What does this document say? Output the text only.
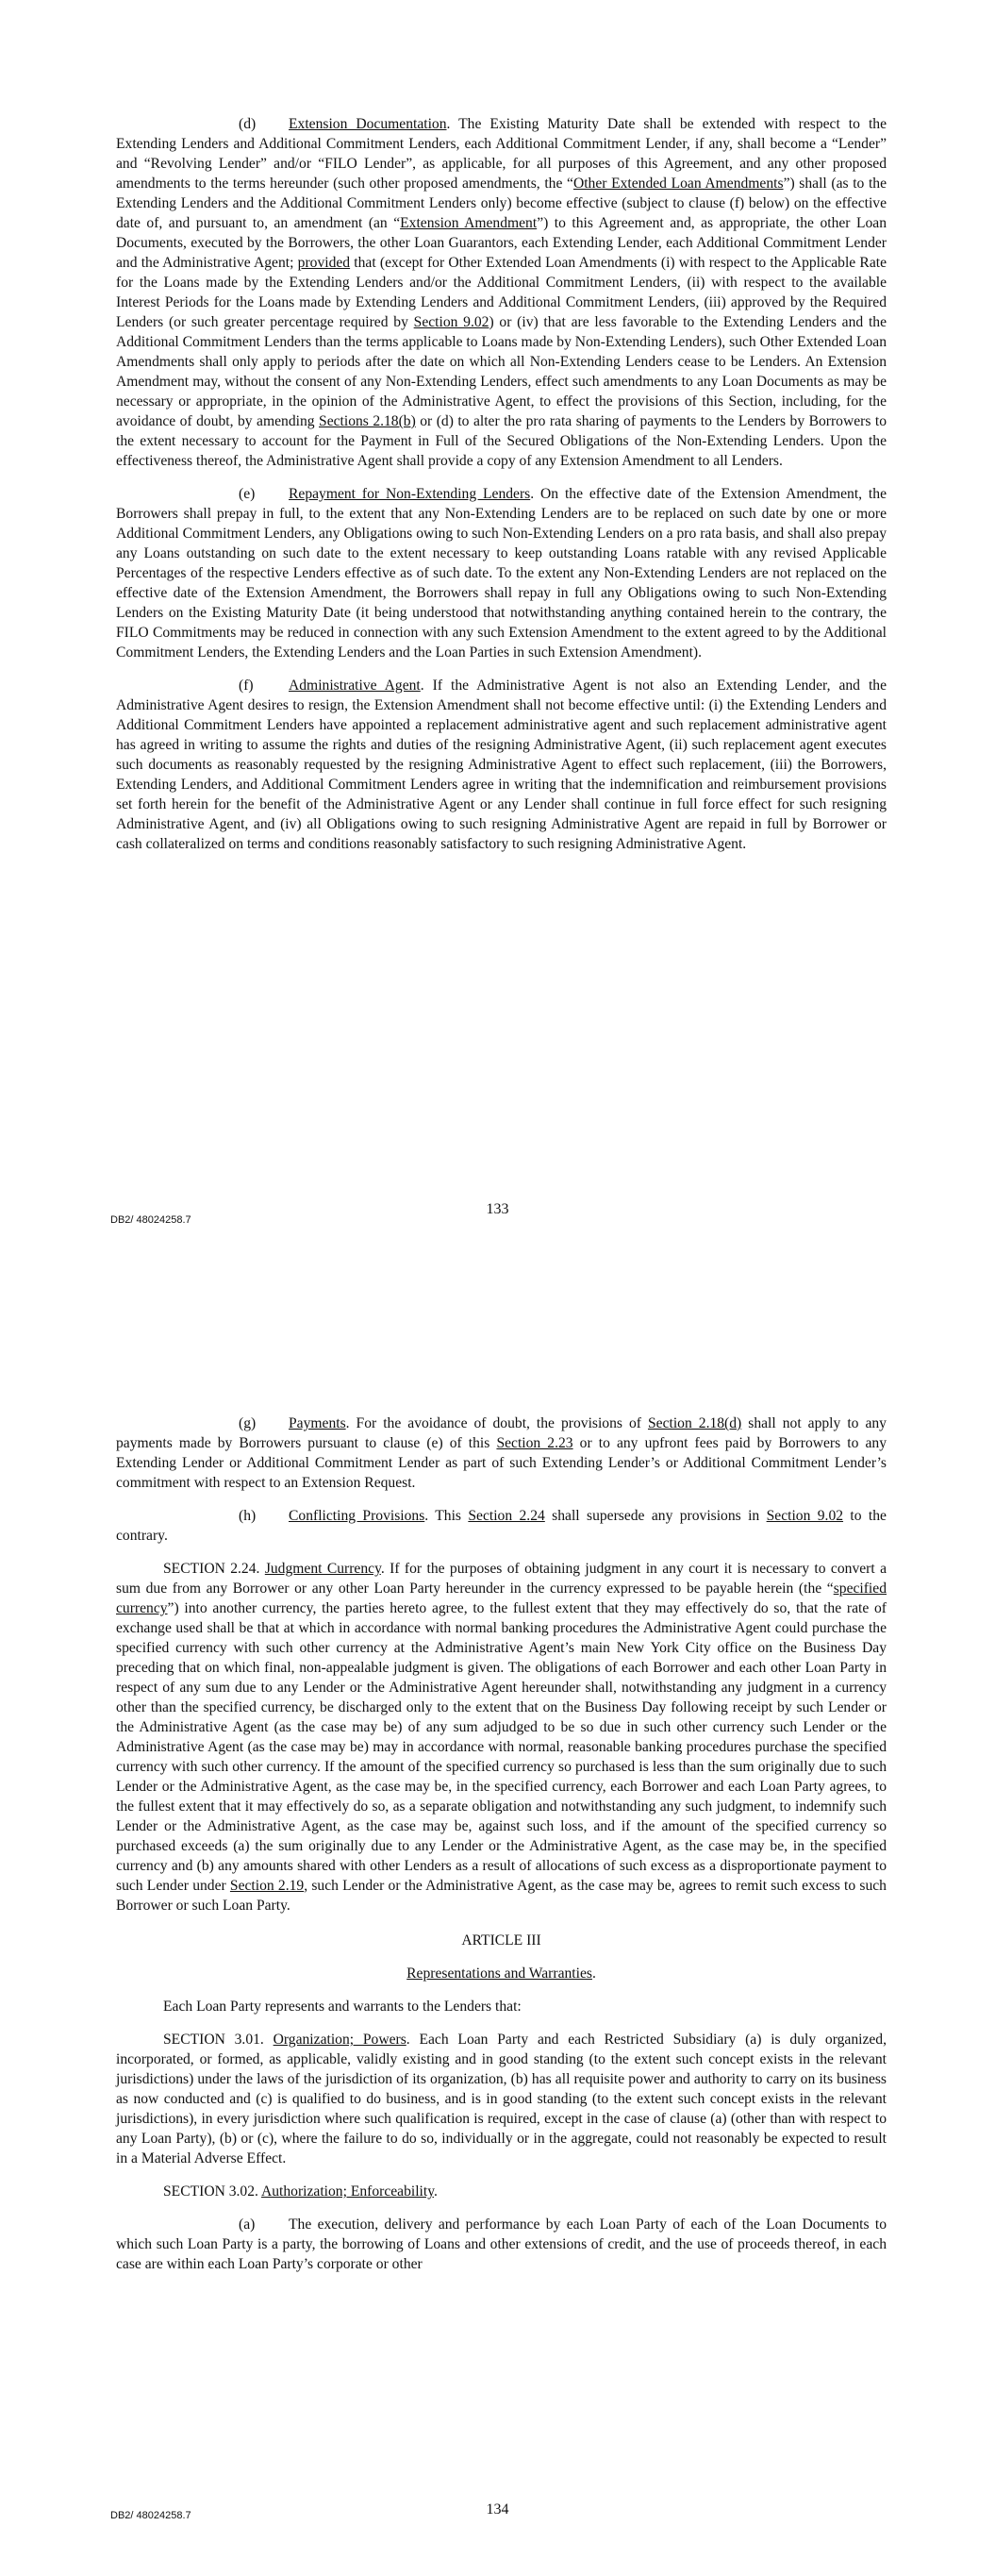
(d) Extension Documentation. The Existing Maturity Date shall be extended with respect to the Extending Lenders and Additional Commitment Lenders, each Additional Commitment Lender, if any, shall become a “Lender” and “Revolving Lender” and/or “FILO Lender”, as applicable, for all purposes of this Agreement, and any other proposed amendments to the terms hereunder (such other proposed amendments, the “Other Extended Loan Amendments”) shall (as to the Extending Lenders and the Additional Commitment Lenders only) become effective (subject to clause (f) below) on the effective date of, and pursuant to, an amendment (an “Extension Amendment”) to this Agreement and, as appropriate, the other Loan Documents, executed by the Borrowers, the other Loan Guarantors, each Extending Lender, each Additional Commitment Lender and the Administrative Agent; provided that (except for Other Extended Loan Amendments (i) with respect to the Applicable Rate for the Loans made by the Extending Lenders and/or the Additional Commitment Lenders, (ii) with respect to the available Interest Periods for the Loans made by Extending Lenders and Additional Commitment Lenders, (iii) approved by the Required Lenders (or such greater percentage required by Section 9.02) or (iv) that are less favorable to the Extending Lenders and the Additional Commitment Lenders than the terms applicable to Loans made by Non-Extending Lenders), such Other Extended Loan Amendments shall only apply to periods after the date on which all Non-Extending Lenders cease to be Lenders. An Extension Amendment may, without the consent of any Non-Extending Lenders, effect such amendments to any Loan Documents as may be necessary or appropriate, in the opinion of the Administrative Agent, to effect the provisions of this Section, including, for the avoidance of doubt, by amending Sections 2.18(b) or (d) to alter the pro rata sharing of payments to the Lenders by Borrowers to the extent necessary to account for the Payment in Full of the Secured Obligations of the Non-Extending Lenders. Upon the effectiveness thereof, the Administrative Agent shall provide a copy of any Extension Amendment to all Lenders.

(e) Repayment for Non-Extending Lenders. On the effective date of the Extension Amendment, the Borrowers shall prepay in full, to the extent that any Non-Extending Lenders are to be replaced on such date by one or more Additional Commitment Lenders, any Obligations owing to such Non-Extending Lenders on a pro rata basis, and shall also prepay any Loans outstanding on such date to the extent necessary to keep outstanding Loans ratable with any revised Applicable Percentages of the respective Lenders effective as of such date. To the extent any Non-Extending Lenders are not replaced on the effective date of the Extension Amendment, the Borrowers shall repay in full any Obligations owing to such Non-Extending Lenders on the Existing Maturity Date (it being understood that notwithstanding anything contained herein to the contrary, the FILO Commitments may be reduced in connection with any such Extension Amendment to the extent agreed to by the Additional Commitment Lenders, the Extending Lenders and the Loan Parties in such Extension Amendment).

(f) Administrative Agent. If the Administrative Agent is not also an Extending Lender, and the Administrative Agent desires to resign, the Extension Amendment shall not become effective until: (i) the Extending Lenders and Additional Commitment Lenders have appointed a replacement administrative agent and such replacement administrative agent has agreed in writing to assume the rights and duties of the resigning Administrative Agent, (ii) such replacement agent executes such documents as reasonably requested by the resigning Administrative Agent to effect such replacement, (iii) the Borrowers, Extending Lenders, and Additional Commitment Lenders agree in writing that the indemnification and reimbursement provisions set forth herein for the benefit of the Administrative Agent or any Lender shall continue in full force effect for such resigning Administrative Agent, and (iv) all Obligations owing to such resigning Administrative Agent are repaid in full by Borrower or cash collateralized on terms and conditions reasonably satisfactory to such resigning Administrative Agent.

133
DB2/ 48024258.7

(g) Payments. For the avoidance of doubt, the provisions of Section 2.18(d) shall not apply to any payments made by Borrowers pursuant to clause (e) of this Section 2.23 or to any upfront fees paid by Borrowers to any Extending Lender or Additional Commitment Lender as part of such Extending Lender’s or Additional Commitment Lender’s commitment with respect to an Extension Request.

(h) Conflicting Provisions. This Section 2.24 shall supersede any provisions in Section 9.02 to the contrary.

SECTION 2.24. Judgment Currency. If for the purposes of obtaining judgment in any court it is necessary to convert a sum due from any Borrower or any other Loan Party hereunder in the currency expressed to be payable herein (the “specified currency”) into another currency, the parties hereto agree, to the fullest extent that they may effectively do so, that the rate of exchange used shall be that at which in accordance with normal banking procedures the Administrative Agent could purchase the specified currency with such other currency at the Administrative Agent’s main New York City office on the Business Day preceding that on which final, non-appealable judgment is given. The obligations of each Borrower and each other Loan Party in respect of any sum due to any Lender or the Administrative Agent hereunder shall, notwithstanding any judgment in a currency other than the specified currency, be discharged only to the extent that on the Business Day following receipt by such Lender or the Administrative Agent (as the case may be) of any sum adjudged to be so due in such other currency such Lender or the Administrative Agent (as the case may be) may in accordance with normal, reasonable banking procedures purchase the specified currency with such other currency. If the amount of the specified currency so purchased is less than the sum originally due to such Lender or the Administrative Agent, as the case may be, in the specified currency, each Borrower and each Loan Party agrees, to the fullest extent that it may effectively do so, as a separate obligation and notwithstanding any such judgment, to indemnify such Lender or the Administrative Agent, as the case may be, against such loss, and if the amount of the specified currency so purchased exceeds (a) the sum originally due to any Lender or the Administrative Agent, as the case may be, in the specified currency and (b) any amounts shared with other Lenders as a result of allocations of such excess as a disproportionate payment to such Lender under Section 2.19, such Lender or the Administrative Agent, as the case may be, agrees to remit such excess to such Borrower or such Loan Party.

ARTICLE III

Representations and Warranties.

Each Loan Party represents and warrants to the Lenders that:

SECTION 3.01. Organization; Powers. Each Loan Party and each Restricted Subsidiary (a) is duly organized, incorporated, or formed, as applicable, validly existing and in good standing (to the extent such concept exists in the relevant jurisdictions) under the laws of the jurisdiction of its organization, (b) has all requisite power and authority to carry on its business as now conducted and (c) is qualified to do business, and is in good standing (to the extent such concept exists in the relevant jurisdictions), in every jurisdiction where such qualification is required, except in the case of clause (a) (other than with respect to any Loan Party), (b) or (c), where the failure to do so, individually or in the aggregate, could not reasonably be expected to result in a Material Adverse Effect.

SECTION 3.02. Authorization; Enforceability.

(a) The execution, delivery and performance by each Loan Party of each of the Loan Documents to which such Loan Party is a party, the borrowing of Loans and other extensions of credit, and the use of proceeds thereof, in each case are within each Loan Party’s corporate or other

134
DB2/ 48024258.7
